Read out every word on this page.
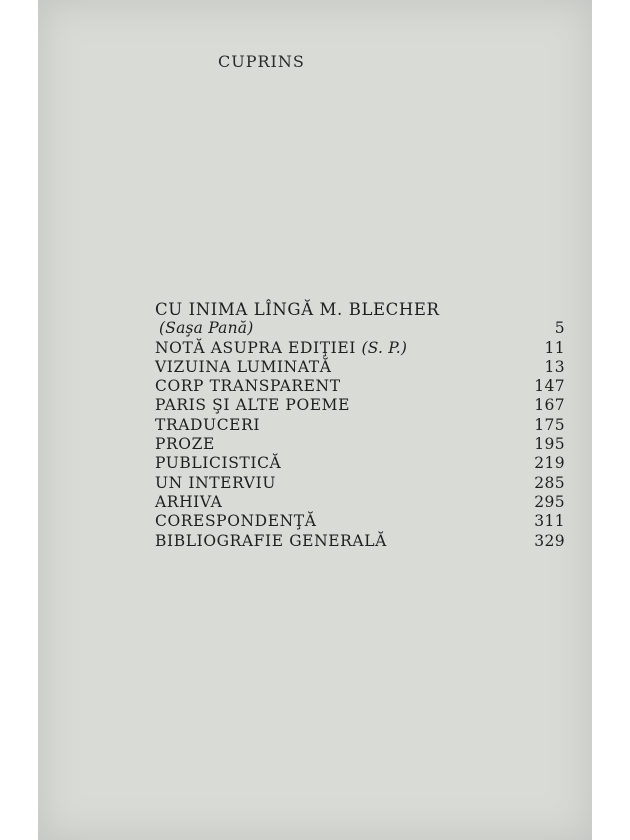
CUPRINS
CU INIMA LÎNGĂ M. BLECHER
(Saşa Pană)	5
NOTĂ ASUPRA EDIŢIEI (S. P.)	11
VIZUINA LUMINATĂ	13
CORP TRANSPARENT	147
PARIS ŞI ALTE POEME	167
TRADUCERI	175
PROZE	195
PUBLICISTICĂ	219
UN INTERVIU	285
ARHIVA	295
CORESPONDENŢĂ	311
BIBLIOGRAFIE GENERALĂ	329
